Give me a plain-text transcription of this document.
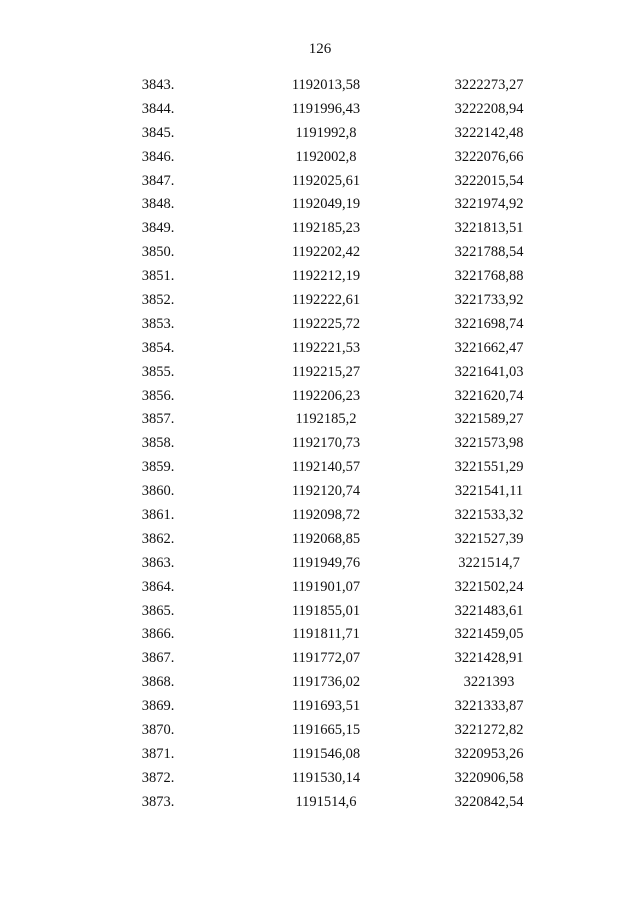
126
3843.	1192013,58	3222273,27
3844.	1191996,43	3222208,94
3845.	1191992,8	3222142,48
3846.	1192002,8	3222076,66
3847.	1192025,61	3222015,54
3848.	1192049,19	3221974,92
3849.	1192185,23	3221813,51
3850.	1192202,42	3221788,54
3851.	1192212,19	3221768,88
3852.	1192222,61	3221733,92
3853.	1192225,72	3221698,74
3854.	1192221,53	3221662,47
3855.	1192215,27	3221641,03
3856.	1192206,23	3221620,74
3857.	1192185,2	3221589,27
3858.	1192170,73	3221573,98
3859.	1192140,57	3221551,29
3860.	1192120,74	3221541,11
3861.	1192098,72	3221533,32
3862.	1192068,85	3221527,39
3863.	1191949,76	3221514,7
3864.	1191901,07	3221502,24
3865.	1191855,01	3221483,61
3866.	1191811,71	3221459,05
3867.	1191772,07	3221428,91
3868.	1191736,02	3221393
3869.	1191693,51	3221333,87
3870.	1191665,15	3221272,82
3871.	1191546,08	3220953,26
3872.	1191530,14	3220906,58
3873.	1191514,6	3220842,54
